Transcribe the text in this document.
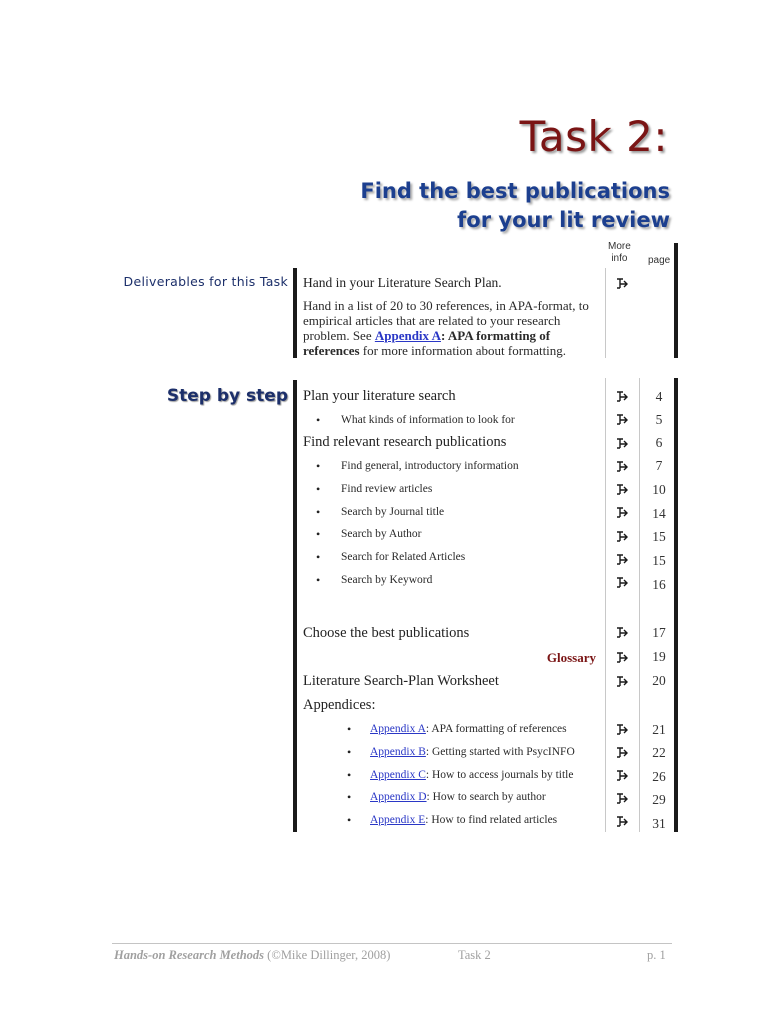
Task 2:
Find the best publications
for your lit review
More
info	page
Deliverables for this Task Hand in your Literature Search Plan.
Hand in a list of 20 to 30 references, in APA-format, to empirical articles that are related to your research problem. See Appendix A: APA formatting of references for more information about formatting.
Step by step Plan your literature search	4
• What kinds of information to look for	5
Find relevant research publications	6
• Find general, introductory information	7
• Find review articles	10
• Search by Journal title	14
• Search by Author	15
• Search for Related Articles	15
• Search by Keyword	16
Choose the best publications	17
Glossary	19
Literature Search-Plan Worksheet	20
Appendices:
• Appendix A: APA formatting of references	21
• Appendix B: Getting started with PsycINFO	22
• Appendix C: How to access journals by title	26
• Appendix D: How to search by author	29
• Appendix E: How to find related articles	31
Hands-on Research Methods (©Mike Dillinger, 2008)	Task 2	p. 1
